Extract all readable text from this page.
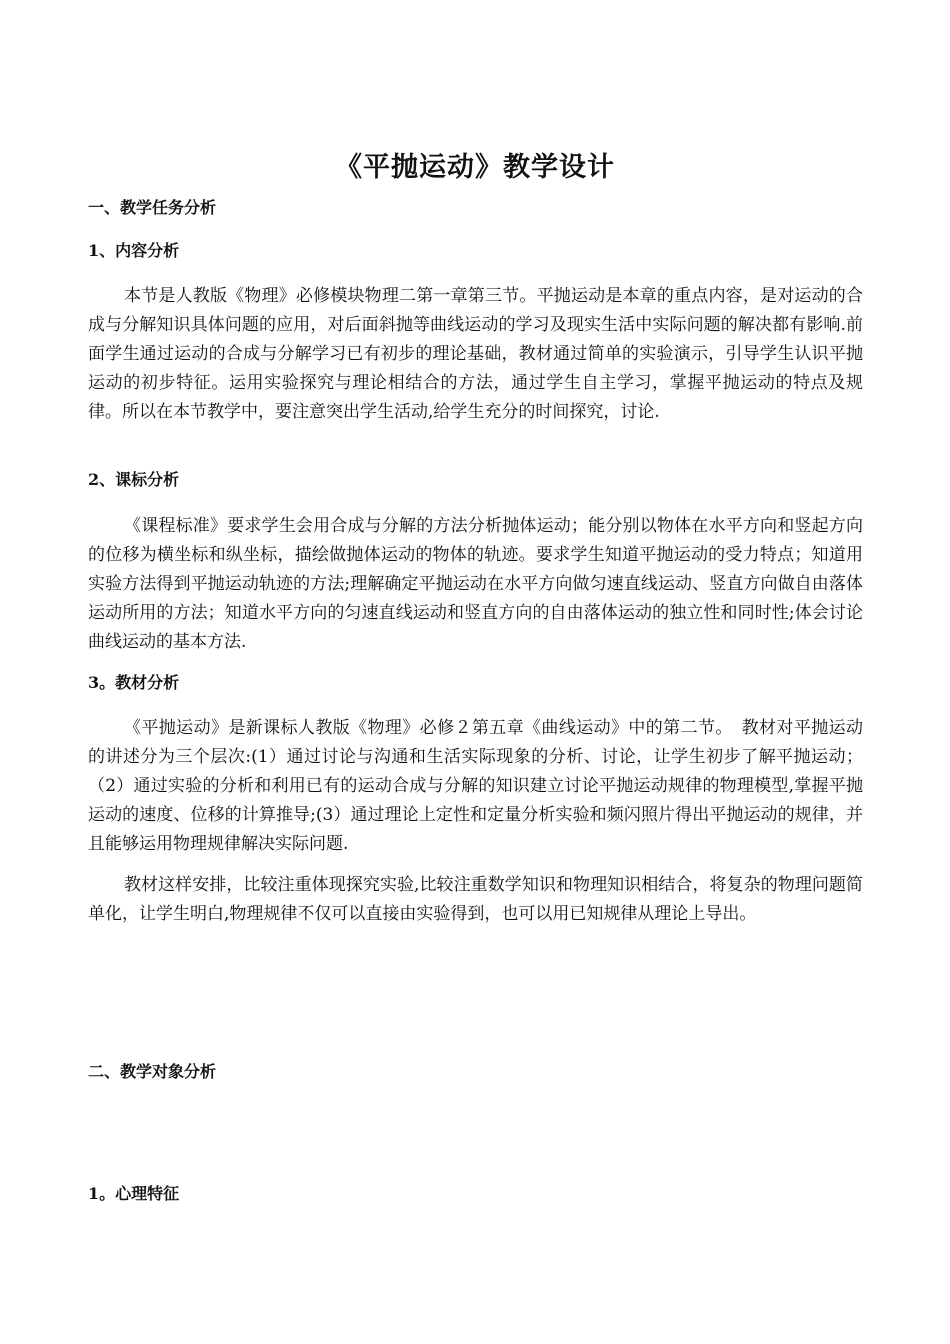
《平抛运动》教学设计
一、教学任务分析
1、内容分析

本节是人教版《物理》必修模块物理二第一章第三节。平抛运动是本章的重点内容，是对运动的合成与分解知识具体问题的应用，对后面斜抛等曲线运动的学习及现实生活中实际问题的解决都有影响.前面学生通过运动的合成与分解学习已有初步的理论基础，教材通过简单的实验演示，引导学生认识平抛运动的初步特征。运用实验探究与理论相结合的方法，通过学生自主学习，掌握平抛运动的特点及规律。所以在本节教学中，要注意突出学生活动,给学生充分的时间探究，讨论.

2、课标分析

《课程标准》要求学生会用合成与分解的方法分析抛体运动；能分别以物体在水平方向和竖起方向的位移为横坐标和纵坐标，描绘做抛体运动的物体的轨迹。要求学生知道平抛运动的受力特点；知道用实验方法得到平抛运动轨迹的方法;理解确定平抛运动在水平方向做匀速直线运动、竖直方向做自由落体运动所用的方法；知道水平方向的匀速直线运动和竖直方向的自由落体运动的独立性和同时性;体会讨论曲线运动的基本方法.

3。教材分析

《平抛运动》是新课标人教版《物理》必修２第五章《曲线运动》中的第二节。　教材对平抛运动的讲述分为三个层次:(1）通过讨论与沟通和生活实际现象的分析、讨论，让学生初步了解平抛运动；（2）通过实验的分析和利用已有的运动合成与分解的知识建立讨论平抛运动规律的物理模型,掌握平抛运动的速度、位移的计算推导;(3）通过理论上定性和定量分析实验和频闪照片得出平抛运动的规律，并且能够运用物理规律解决实际问题.

教材这样安排，比较注重体现探究实验,比较注重数学知识和物理知识相结合，将复杂的物理问题简单化，让学生明白,物理规律不仅可以直接由实验得到，也可以用已知规律从理论上导出。

二、教学对象分析
1。心理特征
